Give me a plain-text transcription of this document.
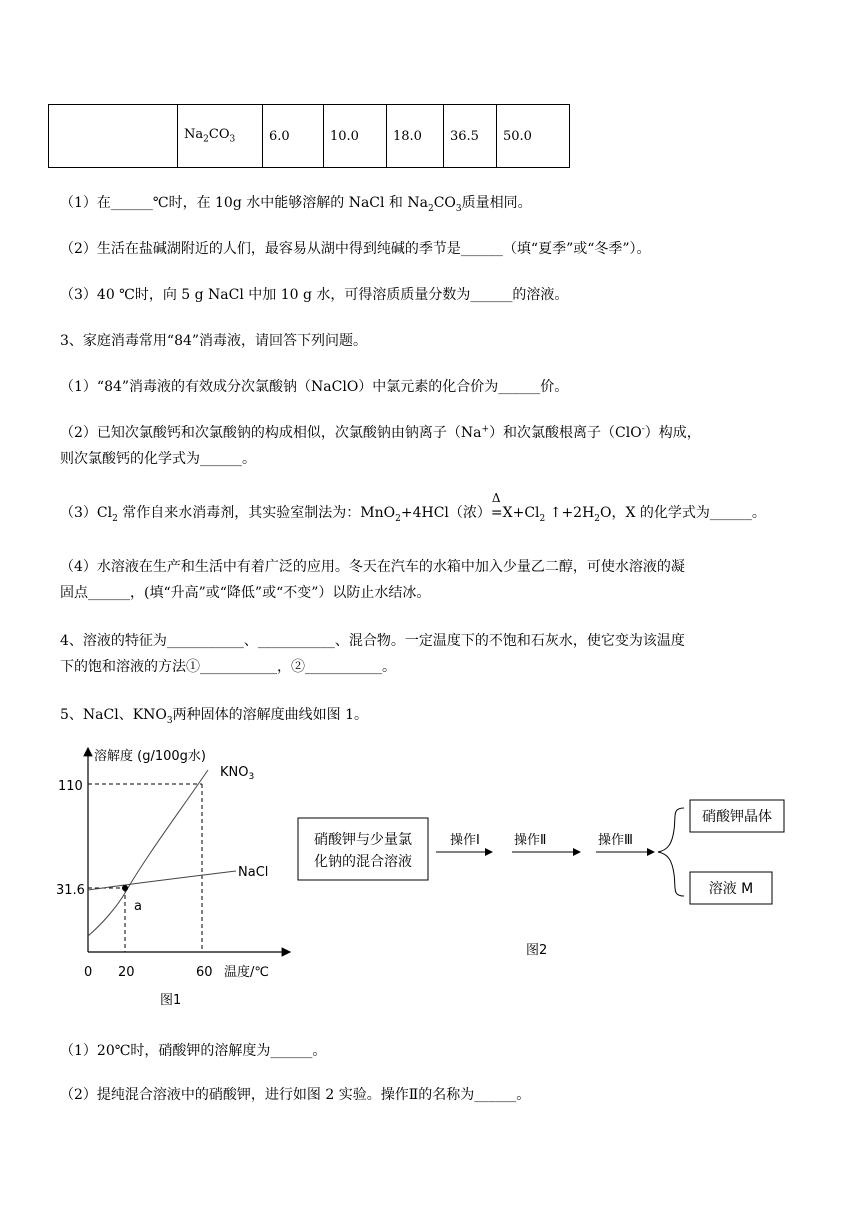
	$Na_2CO_3$	6.0	10.0	18.0	36.5	50.0
（1）在______℃时，在 10g 水中能够溶解的 NaCl 和 $Na_2CO_3$质量相同。
（2）生活在盐碱湖附近的人们，最容易从湖中得到纯碱的季节是______（填“夏季”或“冬季”）。
（3）40 ℃时，向 5 g NaCl 中加 10 g 水，可得溶质质量分数为______的溶液。
3、家庭消毒常用“84”消毒液，请回答下列问题。
（1）“84”消毒液的有效成分次氯酸钠（NaClO）中氯元素的化合价为______价。
（2）已知次氯酸钙和次氯酸钠的构成相似，次氯酸钠由钠离子（Na+）和次氯酸根离子（ClO-）构成，
则次氯酸钙的化学式为______。
$(3)Cl_2$ 常作自来水消毒剂，其实验室制法为：MnO$_2$+4HCl（浓）
Δ
$=X+Cl_2$ $↑+2H_2O$，X 的化学式为______。
（4）水溶液在生产和生活中有着广泛的应用。冬天在汽车的水箱中加入少量乙二醇，可使水溶液的凝
固点______，(填“升高”或“降低”或“不变”）以防止水结冰。
4、溶液的特征为___________、___________、混合物。一定温度下的不饱和石灰水，使它变为该温度
下的饱和溶液的方法①___________，②___________。
5、NaCl、$KNO_3$两种固体的溶解度曲线如图 1。
a
溶解度 (g/100g水)
$KNO_3$
NaCl
110
31.6
0 20	60 温度/℃
图1
硝酸钾与少量氯
化钠的混合溶液
操作Ⅰ	操作Ⅱ	操作Ⅲ
硝酸钾晶体
溶液 M
图2
（1）20℃时，硝酸钾的溶解度为______。
（2）提纯混合溶液中的硝酸钾，进行如图 2 实验。操作Ⅱ的名称为______。
